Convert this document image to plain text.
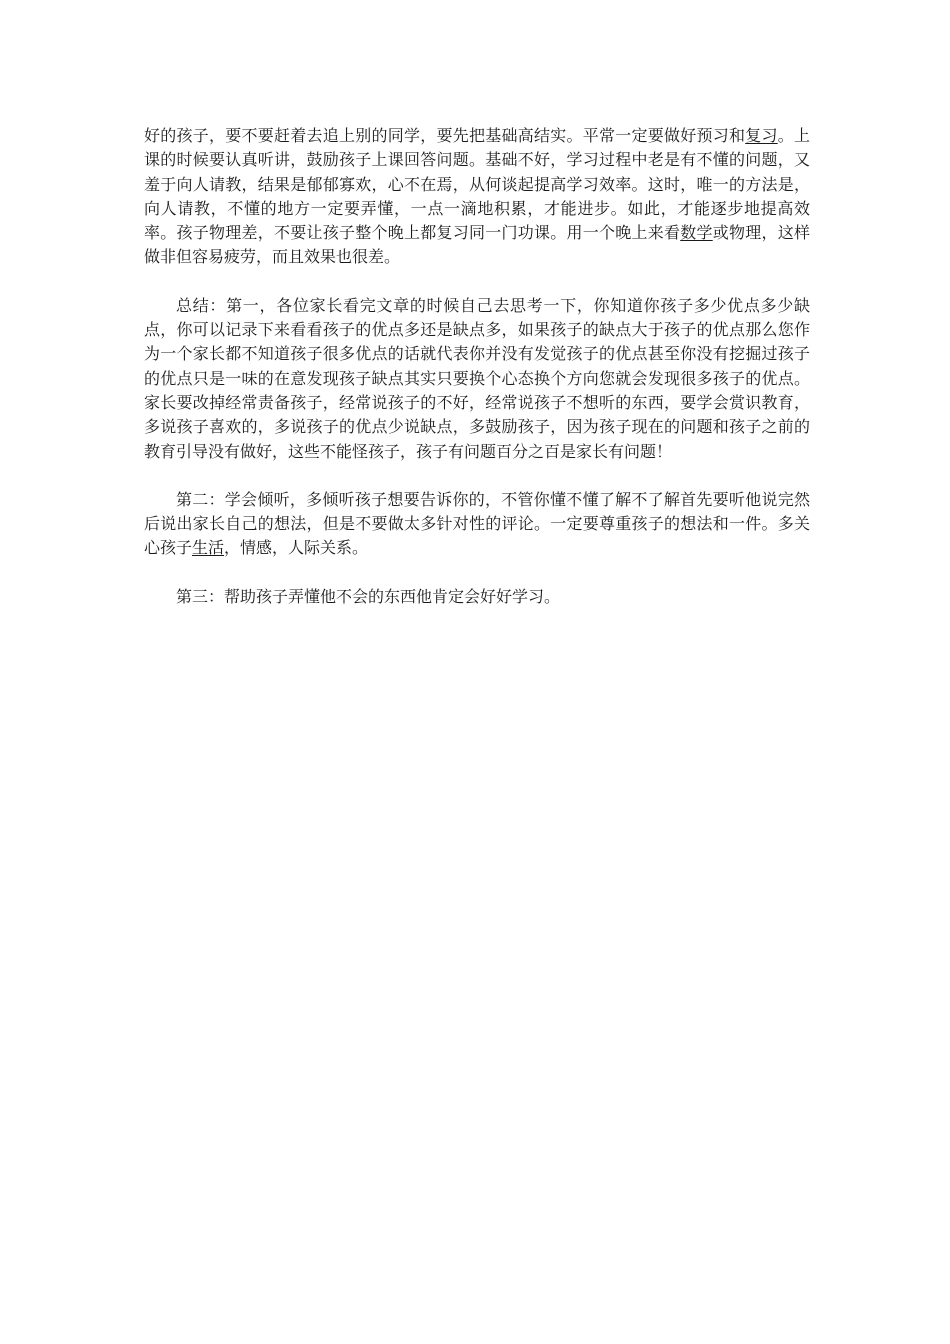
好的孩子，要不要赶着去追上别的同学，要先把基础高结实。平常一定要做好预习和复习。上课的时候要认真听讲，鼓励孩子上课回答问题。基础不好，学习过程中老是有不懂的问题，又羞于向人请教，结果是郁郁寡欢，心不在焉，从何谈起提高学习效率。这时，唯一的方法是，向人请教，不懂的地方一定要弄懂，一点一滴地积累，才能进步。如此，才能逐步地提高效率。孩子物理差，不要让孩子整个晚上都复习同一门功课。用一个晚上来看数学或物理，这样做非但容易疲劳，而且效果也很差。

总结：第一，各位家长看完文章的时候自己去思考一下，你知道你孩子多少优点多少缺点，你可以记录下来看看孩子的优点多还是缺点多，如果孩子的缺点大于孩子的优点那么您作为一个家长都不知道孩子很多优点的话就代表你并没有发觉孩子的优点甚至你没有挖掘过孩子的优点只是一味的在意发现孩子缺点其实只要换个心态换个方向您就会发现很多孩子的优点。家长要改掉经常责备孩子，经常说孩子的不好，经常说孩子不想听的东西，要学会赏识教育，多说孩子喜欢的，多说孩子的优点少说缺点，多鼓励孩子，因为孩子现在的问题和孩子之前的教育引导没有做好，这些不能怪孩子，孩子有问题百分之百是家长有问题！

第二：学会倾听，多倾听孩子想要告诉你的，不管你懂不懂了解不了解首先要听他说完然后说出家长自己的想法，但是不要做太多针对性的评论。一定要尊重孩子的想法和一件。多关心孩子生活，情感，人际关系。

第三：帮助孩子弄懂他不会的东西他肯定会好好学习。
